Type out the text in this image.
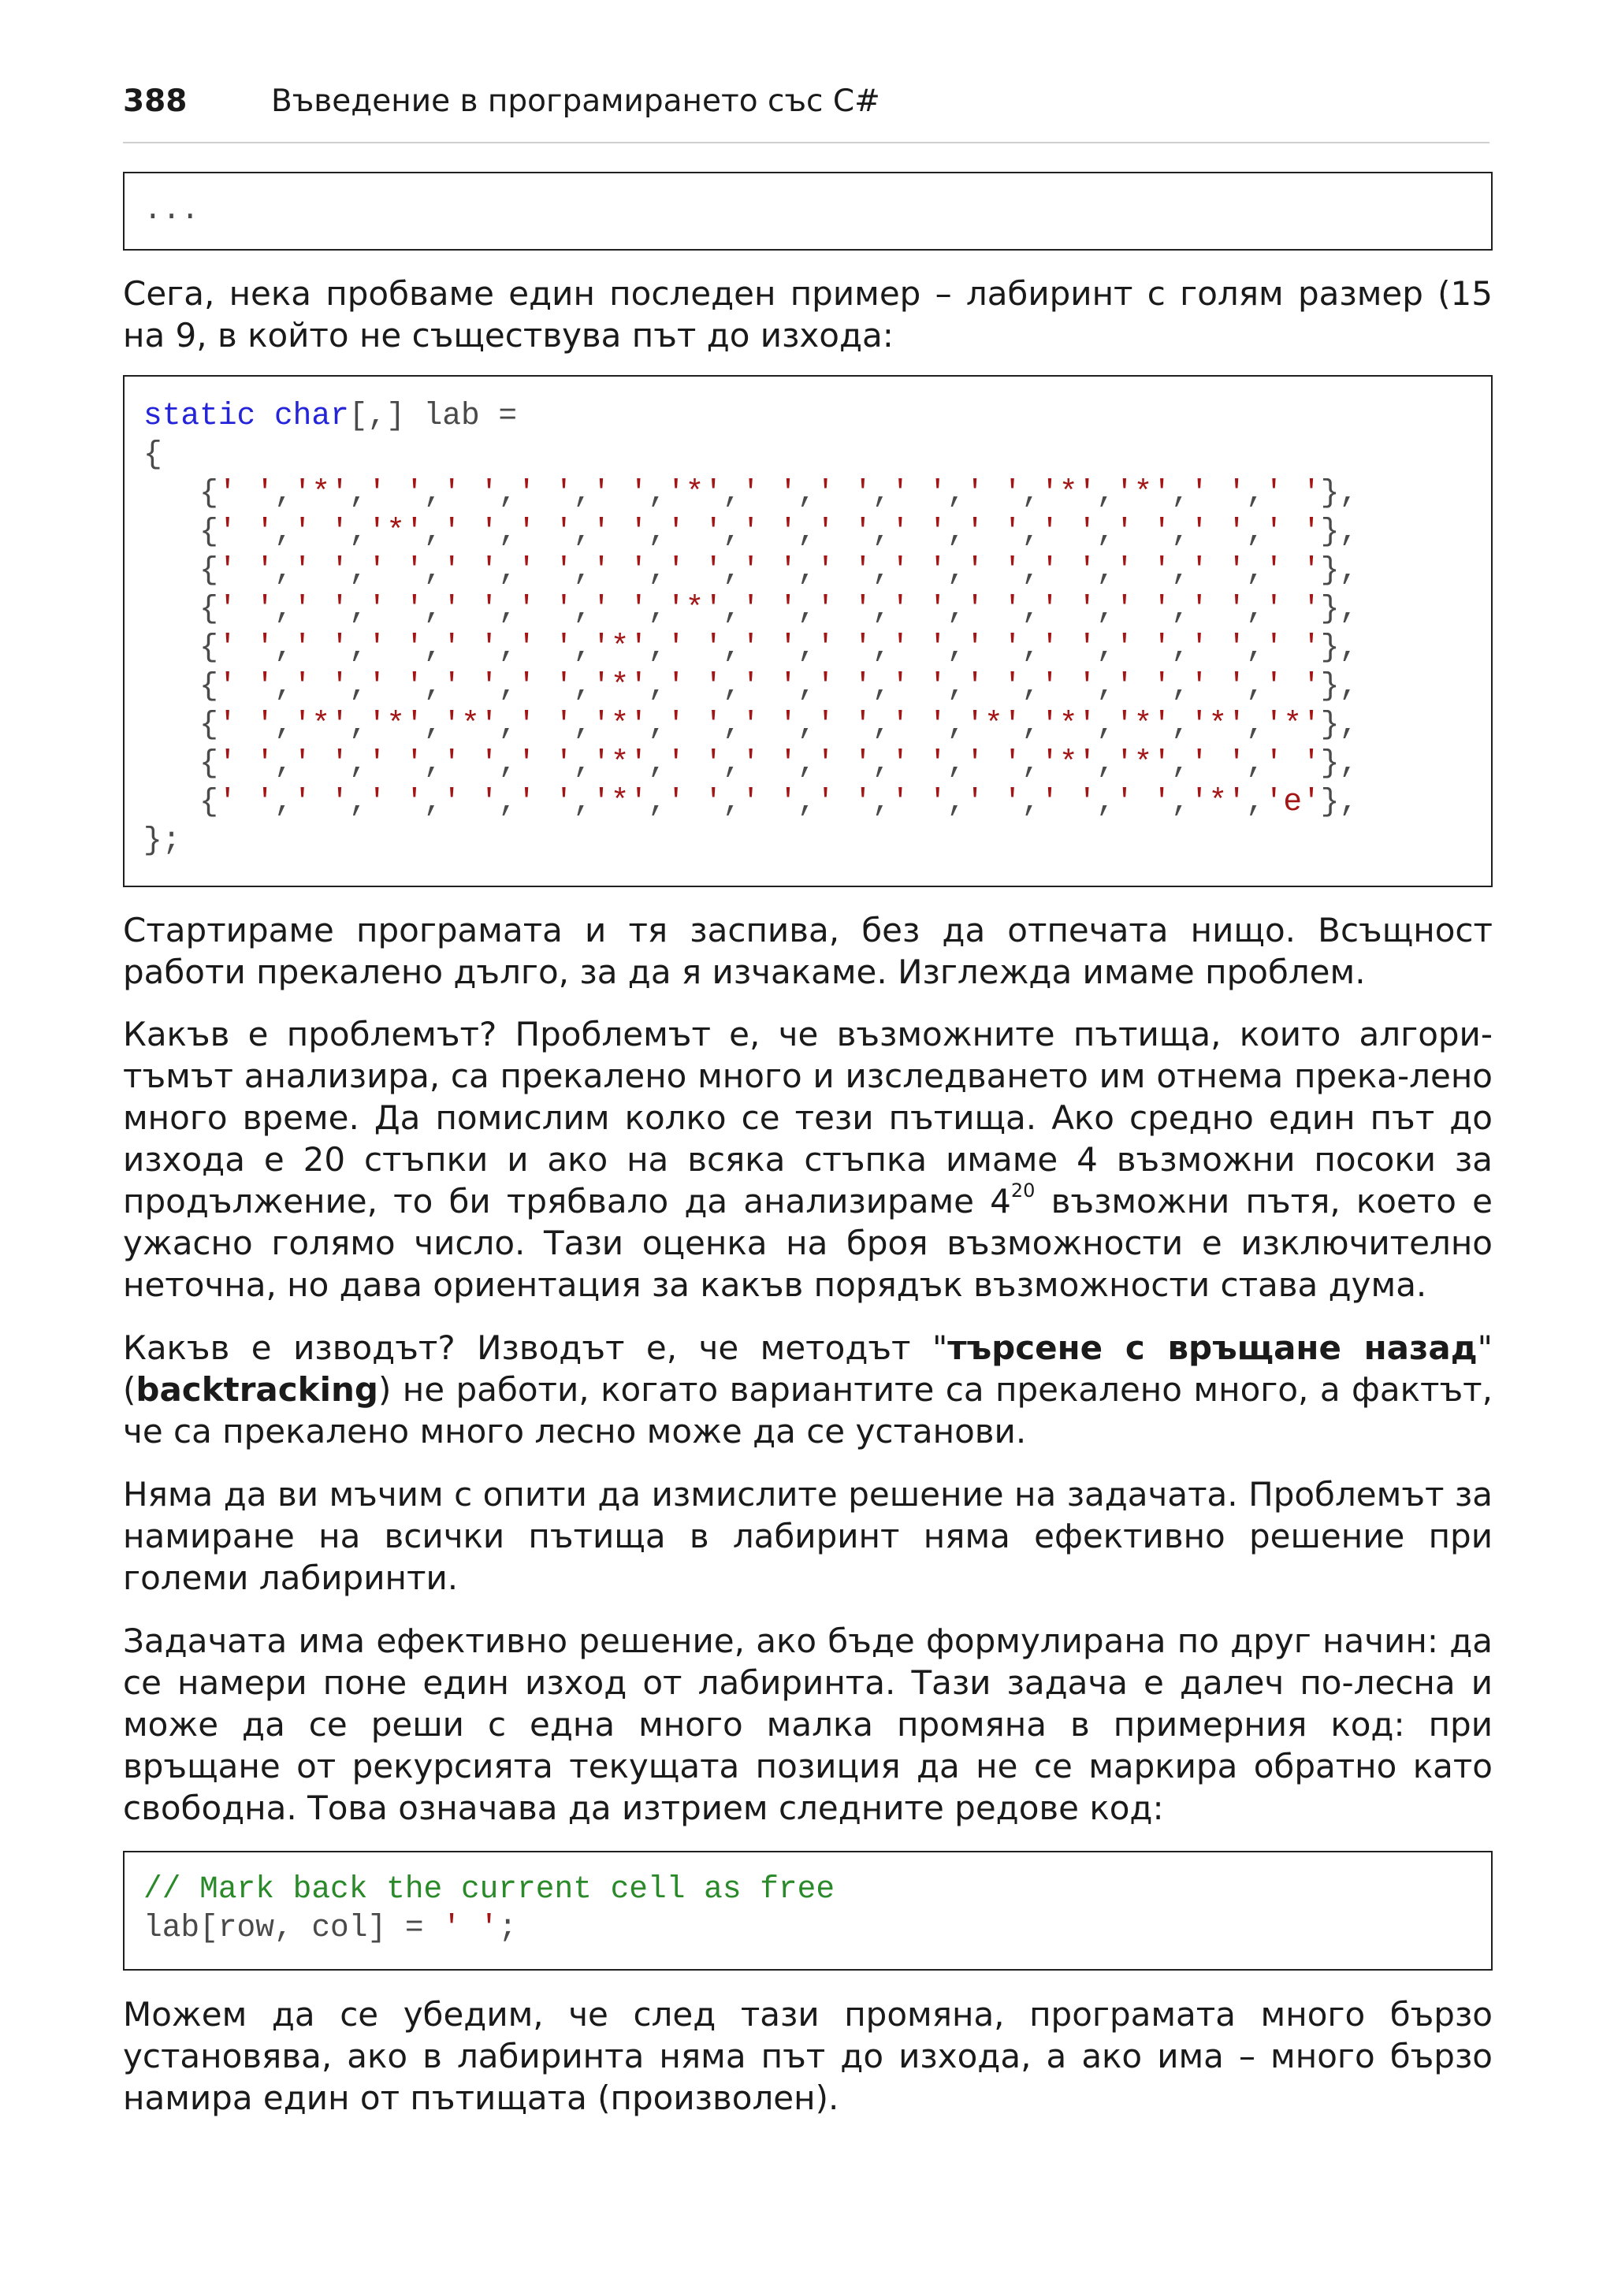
388	Въведение в програмирането със C#
...

Сега, нека пробваме един последен пример – лабиринт с голям размер (15 на 9, в който не съществува път до изхода:

static char[,] lab =
{
{' ','*',' ',' ',' ',' ','*',' ',' ',' ',' ','*','*',' ',' '},
{' ',' ','*',' ',' ',' ',' ',' ',' ',' ',' ',' ',' ',' ',' '},
{' ',' ',' ',' ',' ',' ',' ',' ',' ',' ',' ',' ',' ',' ',' '},
{' ',' ',' ',' ',' ',' ','*',' ',' ',' ',' ',' ',' ',' ',' '},
{' ',' ',' ',' ',' ','*',' ',' ',' ',' ',' ',' ',' ',' ',' '},
{' ',' ',' ',' ',' ','*',' ',' ',' ',' ',' ',' ',' ',' ',' '},
{' ','*','*','*',' ','*',' ',' ',' ',' ','*','*','*','*','*'},
{' ',' ',' ',' ',' ','*',' ',' ',' ',' ',' ','*','*',' ',' '},
{' ',' ',' ',' ',' ','*',' ',' ',' ',' ',' ',' ',' ','*','e'},
};

Стартираме програмата и тя заспива, без да отпечата нищо. Всъщност работи прекалено дълго, за да я изчакаме. Изглежда имаме проблем.

Какъв е проблемът? Проблемът е, че възможните пътища, които алгори-тъмът анализира, са прекалено много и изследването им отнема прека-лено много време. Да помислим колко се тези пътища. Ако средно един път до изхода е 20 стъпки и ако на всяка стъпка имаме 4 възможни посоки за продължение, то би трябвало да анализираме $4^{20}$ възможни пътя, което е ужасно голямо число. Тази оценка на броя възможности е изключително неточна, но дава ориентация за какъв порядък възможности става дума.

Какъв е изводът? Изводът е, че методът "търсене с връщане назад" (backtracking) не работи, когато вариантите са прекалено много, а фактът, че са прекалено много лесно може да се установи.

Няма да ви мъчим с опити да измислите решение на задачата. Проблемът за намиране на всички пътища в лабиринт няма ефективно решение при големи лабиринти.

Задачата има ефективно решение, ако бъде формулирана по друг начин: да се намери поне един изход от лабиринта. Тази задача е далеч по-лесна и може да се реши с една много малка промяна в примерния код: при връщане от рекурсията текущата позиция да не се маркира обратно като свободна. Това означава да изтрием следните редове код:

// Mark back the current cell as free
lab[row, col] = ' ';

Можем да се убедим, че след тази промяна, програмата много бързо установява, ако в лабиринта няма път до изхода, а ако има – много бързо намира един от пътищата (произволен).
